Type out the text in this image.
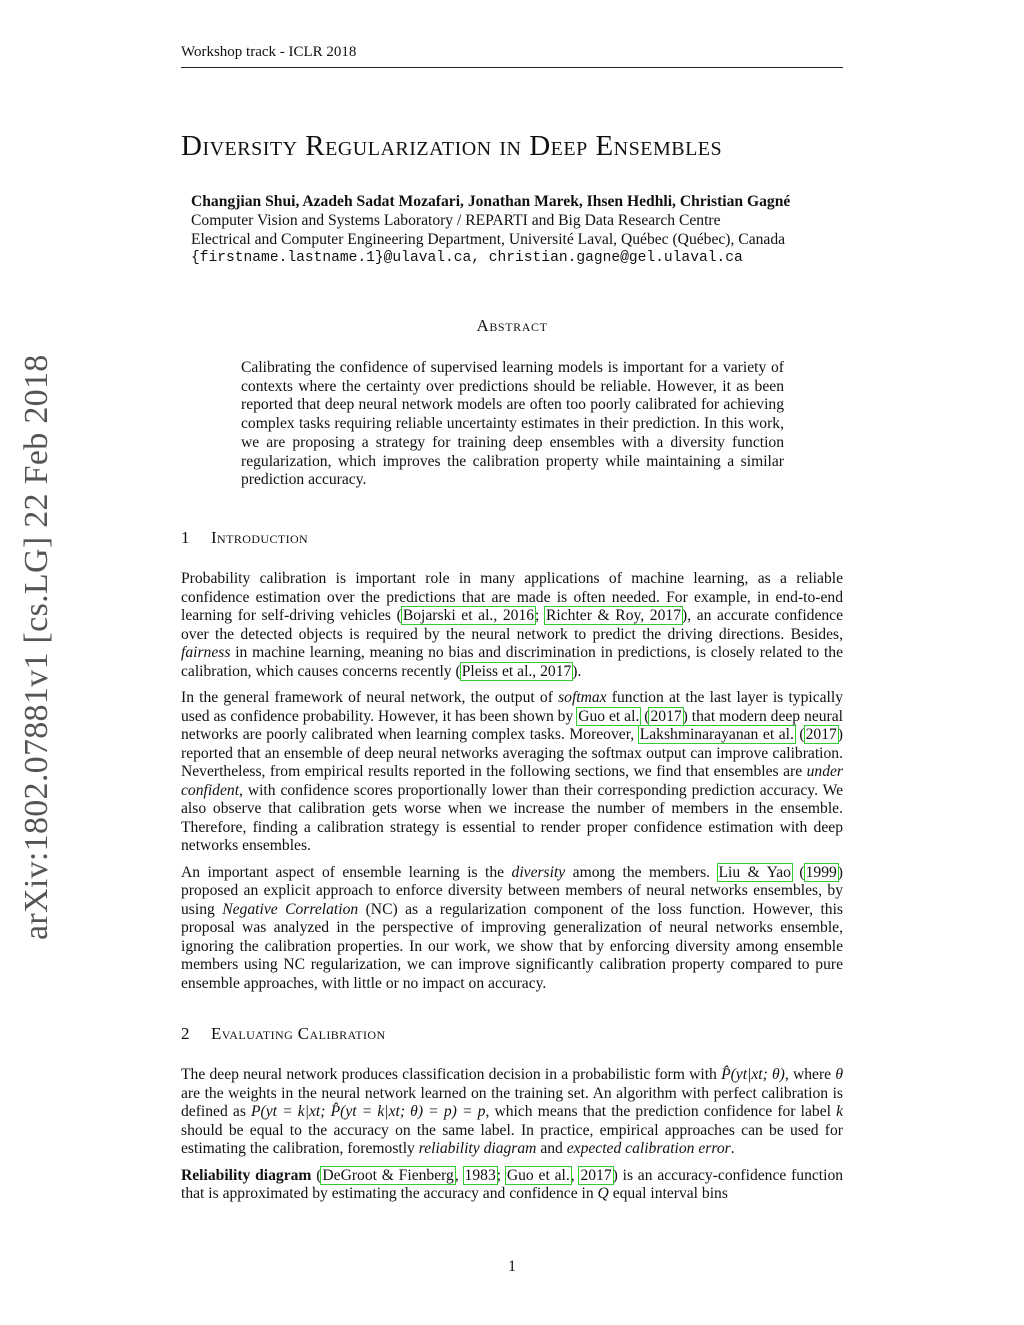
Workshop track - ICLR 2018
arXiv:1802.07881v1 [cs.LG] 22 Feb 2018
Diversity Regularization in Deep Ensembles
Changjian Shui, Azadeh Sadat Mozafari, Jonathan Marek, Ihsen Hedhli, Christian Gagné
Computer Vision and Systems Laboratory / REPARTI and Big Data Research Centre
Electrical and Computer Engineering Department, Université Laval, Québec (Québec), Canada
{firstname.lastname.1}@ulaval.ca, christian.gagne@gel.ulaval.ca
Abstract
Calibrating the confidence of supervised learning models is important for a variety of contexts where the certainty over predictions should be reliable. However, it as been reported that deep neural network models are often too poorly calibrated for achieving complex tasks requiring reliable uncertainty estimates in their prediction. In this work, we are proposing a strategy for training deep ensembles with a diversity function regularization, which improves the calibration property while maintaining a similar prediction accuracy.
1 Introduction

Probability calibration is important role in many applications of machine learning, as a reliable confidence estimation over the predictions that are made is often needed. For example, in end-to-end learning for self-driving vehicles (Bojarski et al., 2016; Richter & Roy, 2017), an accurate confidence over the detected objects is required by the neural network to predict the driving directions. Besides, fairness in machine learning, meaning no bias and discrimination in predictions, is closely related to the calibration, which causes concerns recently (Pleiss et al., 2017).

In the general framework of neural network, the output of softmax function at the last layer is typically used as confidence probability. However, it has been shown by Guo et al. (2017) that modern deep neural networks are poorly calibrated when learning complex tasks. Moreover, Lakshminarayanan et al. (2017) reported that an ensemble of deep neural networks averaging the softmax output can improve calibration. Nevertheless, from empirical results reported in the following sections, we find that ensembles are under confident, with confidence scores proportionally lower than their corresponding prediction accuracy. We also observe that calibration gets worse when we increase the number of members in the ensemble. Therefore, finding a calibration strategy is essential to render proper confidence estimation with deep networks ensembles.

An important aspect of ensemble learning is the diversity among the members. Liu & Yao (1999) proposed an explicit approach to enforce diversity between members of neural networks ensembles, by using Negative Correlation (NC) as a regularization component of the loss function. However, this proposal was analyzed in the perspective of improving generalization of neural networks ensemble, ignoring the calibration properties. In our work, we show that by enforcing diversity among ensemble members using NC regularization, we can improve significantly calibration property compared to pure ensemble approaches, with little or no impact on accuracy.

2 Evaluating Calibration

The deep neural network produces classification decision in a probabilistic form with P̂(yt|xt; θ), where θ are the weights in the neural network learned on the training set. An algorithm with perfect calibration is defined as P(yt = k|xt; P̂(yt = k|xt; θ) = p) = p, which means that the prediction confidence for label k should be equal to the accuracy on the same label. In practice, empirical approaches can be used for estimating the calibration, foremostly reliability diagram and expected calibration error.

Reliability diagram (DeGroot & Fienberg, 1983; Guo et al., 2017) is an accuracy-confidence function that is approximated by estimating the accuracy and confidence in Q equal interval bins

1
